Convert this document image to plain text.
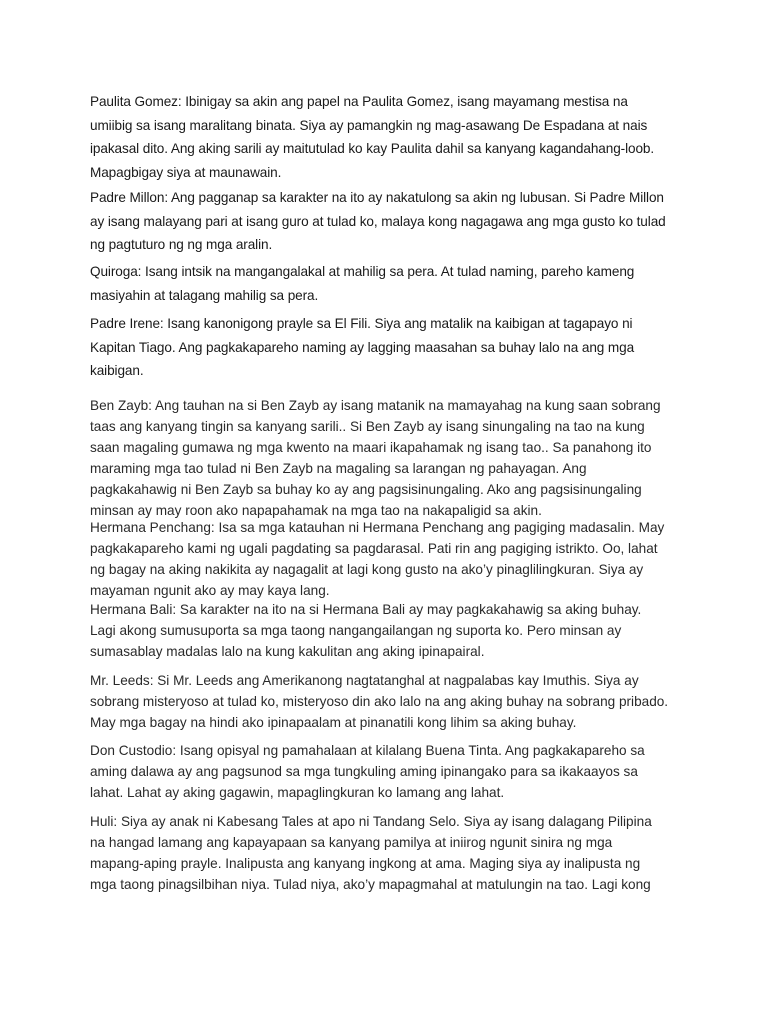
Paulita Gomez: Ibinigay sa akin ang papel na Paulita Gomez, isang mayamang mestisa na
umiibig sa isang maralitang binata. Siya ay pamangkin ng mag-asawang De Espadana at nais
ipakasal dito. Ang aking sarili ay maitutulad ko kay Paulita dahil sa kanyang kagandahang-loob.
Mapagbigay siya at maunawain.

Padre Millon: Ang pagganap sa karakter na ito ay nakatulong sa akin ng lubusan. Si Padre Millon
ay isang malayang pari at isang guro at tulad ko, malaya kong nagagawa ang mga gusto ko tulad
ng pagtuturo ng ng mga aralin.

Quiroga: Isang intsik na mangangalakal at mahilig sa pera. At tulad naming, pareho kameng
masiyahin at talagang mahilig sa pera.

Padre Irene: Isang kanonigong prayle sa El Fili. Siya ang matalik na kaibigan at tagapayo ni
Kapitan Tiago. Ang pagkakapareho naming ay lagging maasahan sa buhay lalo na ang mga
kaibigan.

Ben Zayb: Ang tauhan na si Ben Zayb ay isang matanik na mamayahag na kung saan sobrang
taas ang kanyang tingin sa kanyang sarili.. Si Ben Zayb ay isang sinungaling na tao na kung
saan magaling gumawa ng mga kwento na maari ikapahamak ng isang tao.. Sa panahong ito
maraming mga tao tulad ni Ben Zayb na magaling sa larangan ng pahayagan. Ang
pagkakahawig ni Ben Zayb sa buhay ko ay ang pagsisinungaling. Ako ang pagsisinungaling
minsan ay may roon ako napapahamak na mga tao na nakapaligid sa akin.

Hermana Penchang: Isa sa mga katauhan ni Hermana Penchang ang pagiging madasalin. May
pagkakapareho kami ng ugali pagdating sa pagdarasal. Pati rin ang pagiging istrikto. Oo, lahat
ng bagay na aking nakikita ay nagagalit at lagi kong gusto na ako’y pinaglilingkuran. Siya ay
mayaman ngunit ako ay may kaya lang.

Hermana Bali: Sa karakter na ito na si Hermana Bali ay may pagkakahawig sa aking buhay.
Lagi akong sumusuporta sa mga taong nangangailangan ng suporta ko. Pero minsan ay
sumasablay madalas lalo na kung kakulitan ang aking ipinapairal.

Mr. Leeds: Si Mr. Leeds ang Amerikanong nagtatanghal at nagpalabas kay Imuthis. Siya ay
sobrang misteryoso at tulad ko, misteryoso din ako lalo na ang aking buhay na sobrang pribado.
May mga bagay na hindi ako ipinapaalam at pinanatili kong lihim sa aking buhay.

Don Custodio: Isang opisyal ng pamahalaan at kilalang Buena Tinta. Ang pagkakapareho sa
aming dalawa ay ang pagsunod sa mga tungkuling aming ipinangako para sa ikakaayos sa
lahat. Lahat ay aking gagawin, mapaglingkuran ko lamang ang lahat.

Huli: Siya ay anak ni Kabesang Tales at apo ni Tandang Selo. Siya ay isang dalagang Pilipina
na hangad lamang ang kapayapaan sa kanyang pamilya at iniirog ngunit sinira ng mga
mapang-aping prayle. Inalipusta ang kanyang ingkong at ama. Maging siya ay inalipusta ng
mga taong pinagsilbihan niya. Tulad niya, ako’y mapagmahal at matulungin na tao. Lagi kong
